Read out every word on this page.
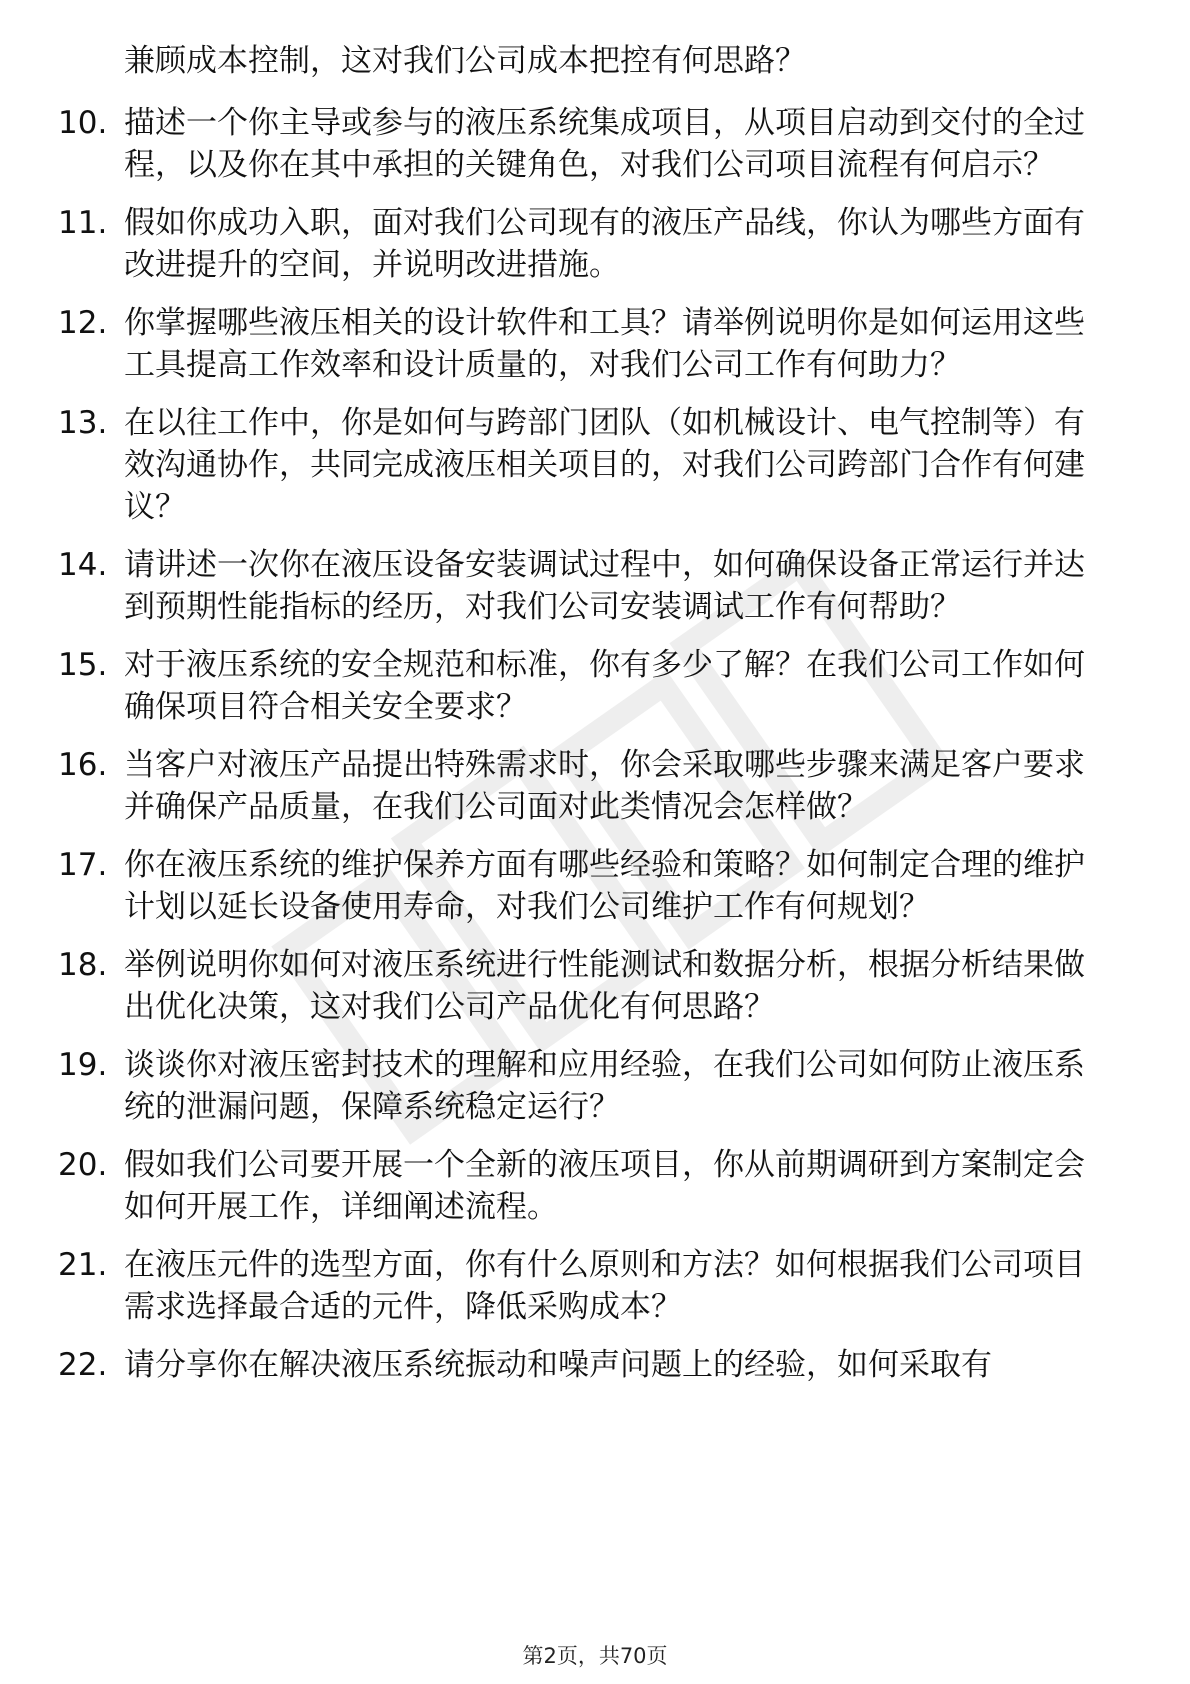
兼顾成本控制，这对我们公司成本把控有何思路？
10. 描述一个你主导或参与的液压系统集成项目，从项目启动到交付的全过程，以及你在其中承担的关键角色，对我们公司项目流程有何启示？
11. 假如你成功入职，面对我们公司现有的液压产品线，你认为哪些方面有改进提升的空间，并说明改进措施。
12. 你掌握哪些液压相关的设计软件和工具？请举例说明你是如何运用这些工具提高工作效率和设计质量的，对我们公司工作有何助力？
13. 在以往工作中，你是如何与跨部门团队（如机械设计、电气控制等）有效沟通协作，共同完成液压相关项目的，对我们公司跨部门合作有何建议？
14. 请讲述一次你在液压设备安装调试过程中，如何确保设备正常运行并达到预期性能指标的经历，对我们公司安装调试工作有何帮助？
15. 对于液压系统的安全规范和标准，你有多少了解？在我们公司工作如何确保项目符合相关安全要求？
16. 当客户对液压产品提出特殊需求时，你会采取哪些步骤来满足客户要求并确保产品质量，在我们公司面对此类情况会怎样做？
17. 你在液压系统的维护保养方面有哪些经验和策略？如何制定合理的维护计划以延长设备使用寿命，对我们公司维护工作有何规划？
18. 举例说明你如何对液压系统进行性能测试和数据分析，根据分析结果做出优化决策，这对我们公司产品优化有何思路？
19. 谈谈你对液压密封技术的理解和应用经验，在我们公司如何防止液压系统的泄漏问题，保障系统稳定运行？
20. 假如我们公司要开展一个全新的液压项目，你从前期调研到方案制定会如何开展工作，详细阐述流程。
21. 在液压元件的选型方面，你有什么原则和方法？如何根据我们公司项目需求选择最合适的元件，降低采购成本？
22. 请分享你在解决液压系统振动和噪声问题上的经验，如何采取有
第2页，共70页
